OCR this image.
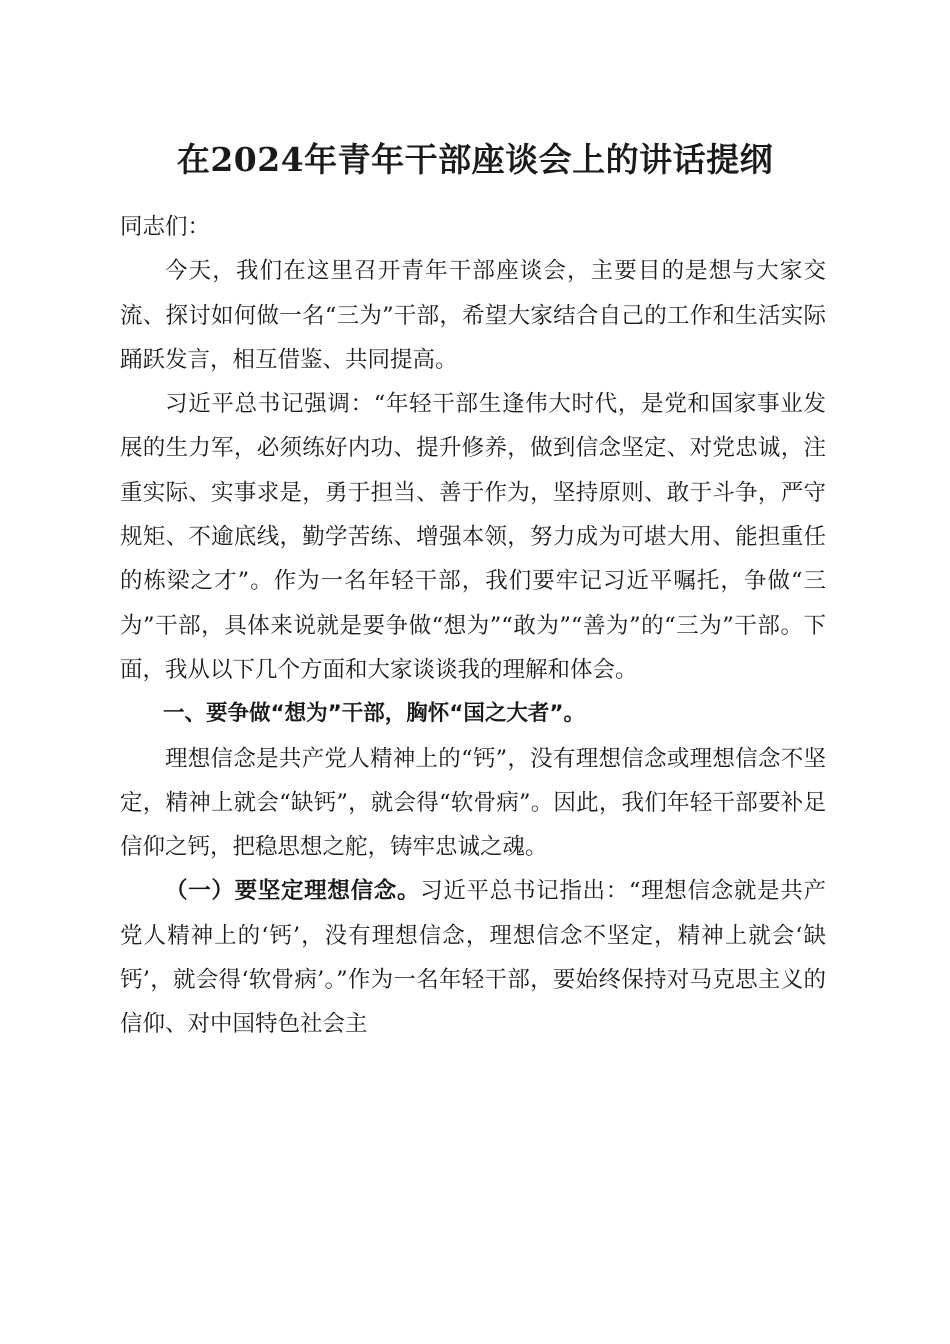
在2024年青年干部座谈会上的讲话提纲

同志们：

今天，我们在这里召开青年干部座谈会，主要目的是想与大家交流、探讨如何做一名“三为”干部，希望大家结合自己的工作和生活实际踊跃发言，相互借鉴、共同提高。

习近平总书记强调：“年轻干部生逢伟大时代，是党和国家事业发展的生力军，必须练好内功、提升修养，做到信念坚定、对党忠诚，注重实际、实事求是，勇于担当、善于作为，坚持原则、敢于斗争，严守规矩、不逾底线，勤学苦练、增强本领，努力成为可堪大用、能担重任的栋梁之才”。作为一名年轻干部，我们要牢记习近平嘱托，争做“三为”干部，具体来说就是要争做“想为”“敢为”“善为”的“三为”干部。下面，我从以下几个方面和大家谈谈我的理解和体会。

一、要争做“想为”干部，胸怀“国之大者”。

理想信念是共产党人精神上的“钙”，没有理想信念或理想信念不坚定，精神上就会“缺钙”，就会得“软骨病”。因此，我们年轻干部要补足信仰之钙，把稳思想之舵，铸牢忠诚之魂。

（一）要坚定理想信念。习近平总书记指出：“理想信念就是共产党人精神上的‘钙’，没有理想信念，理想信念不坚定，精神上就会‘缺钙’，就会得‘软骨病’。”作为一名年轻干部，要始终保持对马克思主义的信仰、对中国特色社会主
